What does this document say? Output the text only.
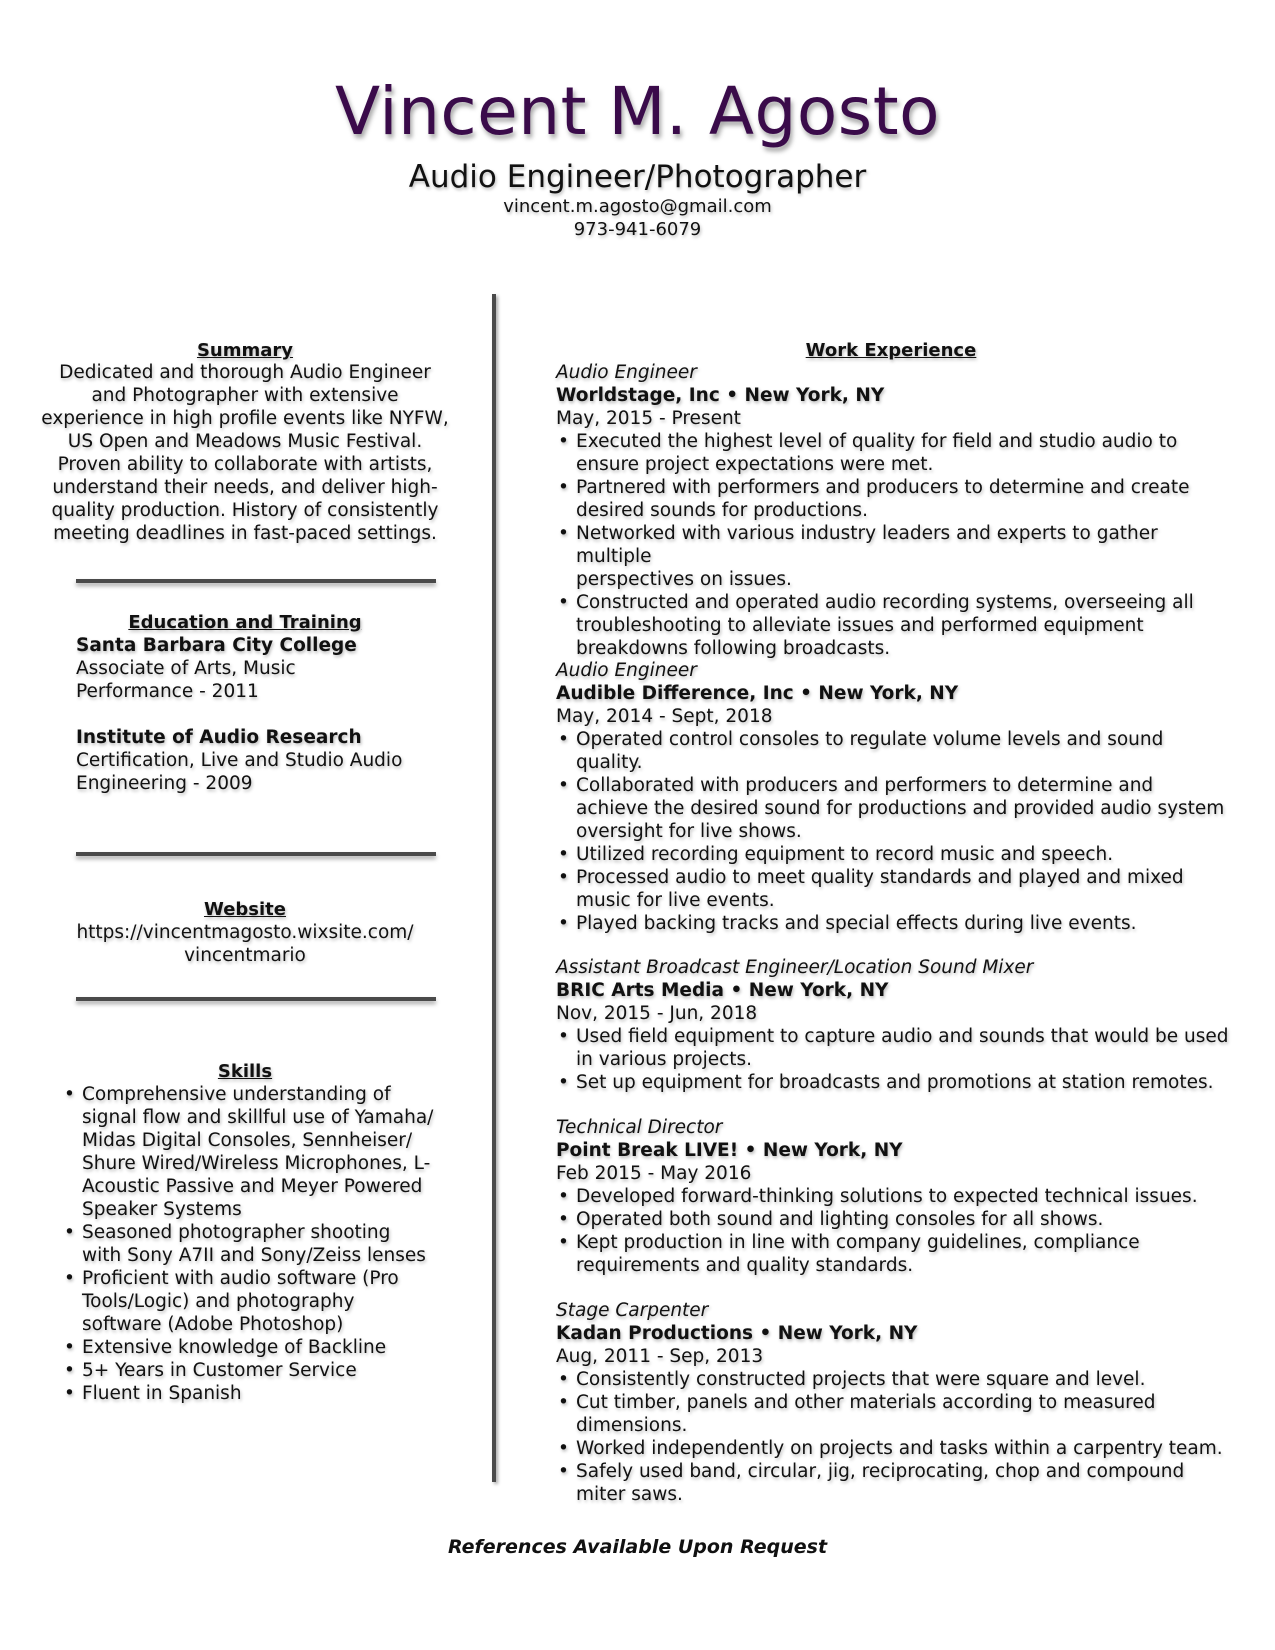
Vincent M. Agosto
Audio Engineer/Photographer
vincent.m.agosto@gmail.com
973-941-6079
Summary
Dedicated and thorough Audio Engineer
and Photographer with extensive
experience in high profile events like NYFW,
US Open and Meadows Music Festival.
Proven ability to collaborate with artists,
understand their needs, and deliver high-
quality production. History of consistently
meeting deadlines in fast-paced settings.
Education and Training
Santa Barbara City College
Associate of Arts, Music
Performance - 2011
Institute of Audio Research
Certification, Live and Studio Audio
Engineering - 2009
Website
https://vincentmagosto.wixsite.com/
vincentmario
Skills
• Comprehensive understanding of
signal flow and skillful use of Yamaha/
Midas Digital Consoles, Sennheiser/
Shure Wired/Wireless Microphones, L-
Acoustic Passive and Meyer Powered
Speaker Systems
• Seasoned photographer shooting
with Sony A7II and Sony/Zeiss lenses
• Proficient with audio software (Pro
Tools/Logic) and photography
software (Adobe Photoshop)
• Extensive knowledge of Backline
• 5+ Years in Customer Service
• Fluent in Spanish
Work Experience
Audio Engineer
Worldstage, Inc • New York, NY
May, 2015 - Present
• Executed the highest level of quality for field and studio audio to
ensure project expectations were met.
• Partnered with performers and producers to determine and create
desired sounds for productions.
• Networked with various industry leaders and experts to gather multiple
perspectives on issues.
• Constructed and operated audio recording systems, overseeing all
troubleshooting to alleviate issues and performed equipment
breakdowns following broadcasts.
Audio Engineer
Audible Difference, Inc • New York, NY
May, 2014 - Sept, 2018
• Operated control consoles to regulate volume levels and sound
quality.
• Collaborated with producers and performers to determine and
achieve the desired sound for productions and provided audio system
oversight for live shows.
• Utilized recording equipment to record music and speech.
• Processed audio to meet quality standards and played and mixed
music for live events.
• Played backing tracks and special effects during live events.
Assistant Broadcast Engineer/Location Sound Mixer
BRIC Arts Media • New York, NY
Nov, 2015 - Jun, 2018
• Used field equipment to capture audio and sounds that would be used
in various projects.
• Set up equipment for broadcasts and promotions at station remotes.
Technical Director
Point Break LIVE! • New York, NY
Feb 2015 - May 2016
• Developed forward-thinking solutions to expected technical issues.
• Operated both sound and lighting consoles for all shows.
• Kept production in line with company guidelines, compliance
requirements and quality standards.
Stage Carpenter
Kadan Productions • New York, NY
Aug, 2011 - Sep, 2013
• Consistently constructed projects that were square and level.
• Cut timber, panels and other materials according to measured
dimensions.
• Worked independently on projects and tasks within a carpentry team.
• Safely used band, circular, jig, reciprocating, chop and compound
miter saws.
References Available Upon Request
